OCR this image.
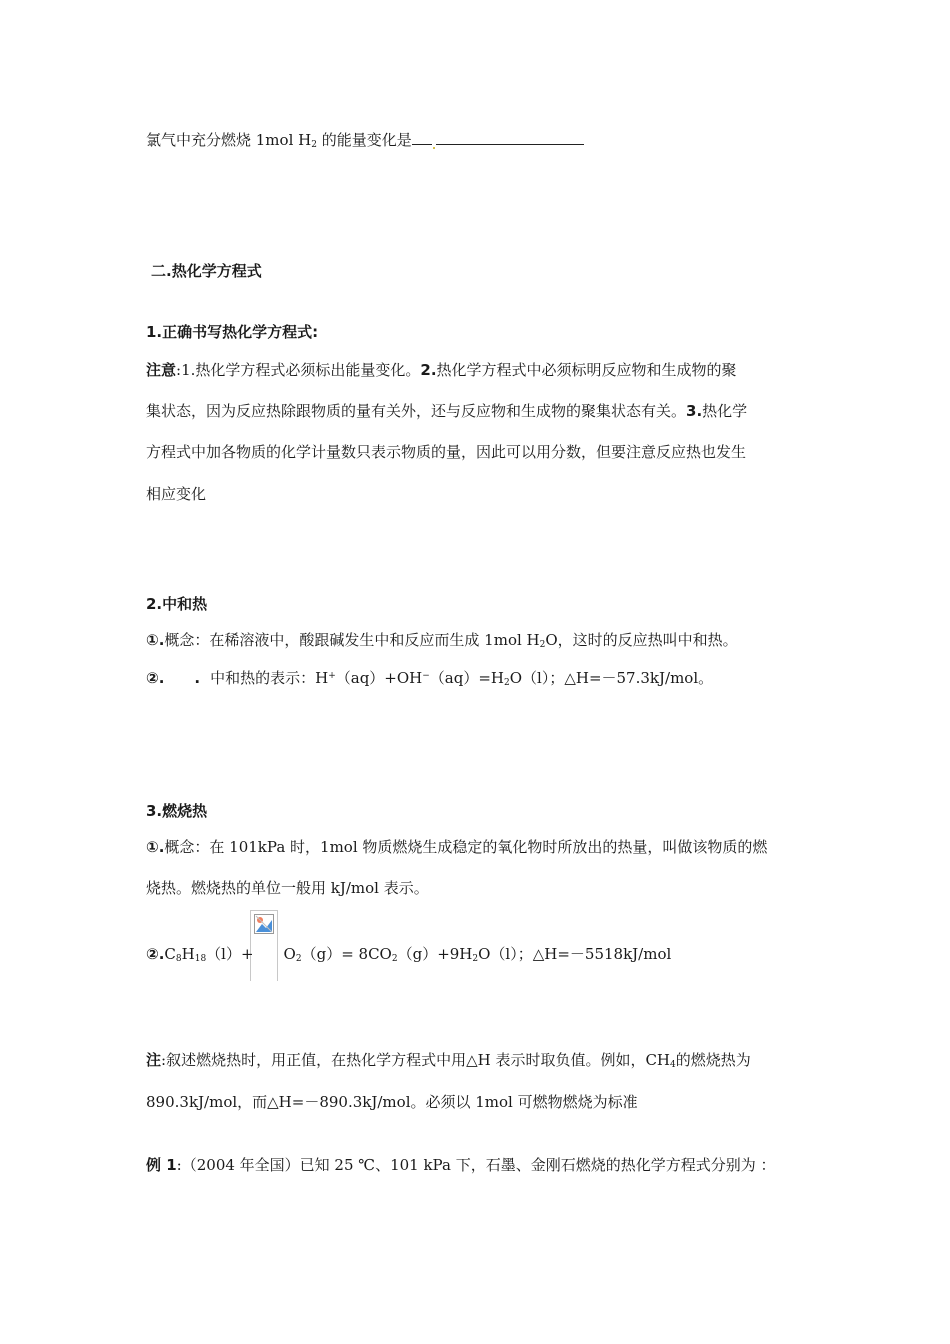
氯气中充分燃烧 1mol $H_2$ 的能量变化是
二.热化学方程式
1.正确书写热化学方程式:
注意:1.热化学方程式必须标出能量变化。2.热化学方程式中必须标明反应物和生成物的聚
集状态，因为反应热除跟物质的量有关外，还与反应物和生成物的聚集状态有关。3.热化学
方程式中加各物质的化学计量数只表示物质的量，因此可以用分数，但要注意反应热也发生
相应变化
2.中和热
①.概念：在稀溶液中，酸跟碱发生中和反应而生成 1mol $H_2O$，这时的反应热叫中和热。
②. . 中和热的表示：$H^+(aq)+OH^-(aq)=H_2O(l)$；△H=－57.3kJ/mol。
3.燃烧热
①.概念：在 101kPa 时，1mol 物质燃烧生成稳定的氧化物时所放出的热量，叫做该物质的燃
烧热。燃烧热的单位一般用 kJ/mol 表示。
$②.C_8H_{18}(l)+ O_2(g)= 8CO_2(g)+9H_2O(l)$；△H=－5518kJ/mol
注:叙述燃烧热时，用正值，在热化学方程式中用△H 表示时取负值。例如，$CH_4$的燃烧热为
890.3kJ/mol，而△H=－890.3kJ/mol。必须以 1mol 可燃物燃烧为标准
例 1:（2004 年全国）已知 25 ℃、101 kPa 下，石墨、金刚石燃烧的热化学方程式分别为 ：
